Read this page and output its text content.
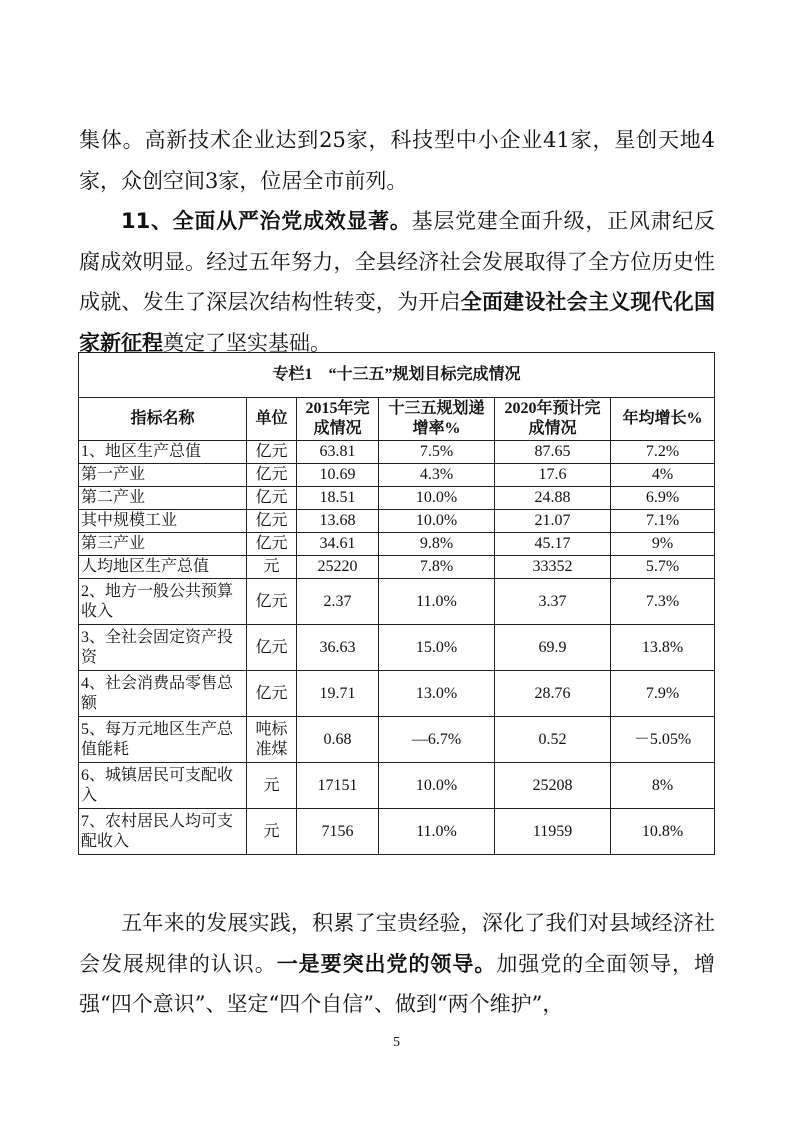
集体。高新技术企业达到25家，科技型中小企业41家，星创天地4家，众创空间3家，位居全市前列。

11、全面从严治党成效显著。基层党建全面升级，正风肃纪反腐成效明显。经过五年努力，全县经济社会发展取得了全方位历史性成就、发生了深层次结构性转变，为开启全面建设社会主义现代化国家新征程奠定了坚实基础。

专栏1　“十三五”规划目标完成情况					
指标名称	单位	2015年完成情况	十三五规划递增率%	2020年预计完成情况	年均增长%
1、地区生产总值	亿元	63.81	7.5%	87.65	7.2%
第一产业	亿元	10.69	4.3%	17.6	4%
第二产业	亿元	18.51	10.0%	24.88	6.9%
其中规模工业	亿元	13.68	10.0%	21.07	7.1%
第三产业	亿元	34.61	9.8%	45.17	9%
人均地区生产总值	元	25220	7.8%	33352	5.7%
2、地方一般公共预算收入	亿元	2.37	11.0%	3.37	7.3%
3、全社会固定资产投资	亿元	36.63	15.0%	69.9	13.8%
4、社会消费品零售总额	亿元	19.71	13.0%	28.76	7.9%
5、每万元地区生产总值能耗	吨标准煤	0.68	—6.7%	0.52	－5.05%
6、城镇居民可支配收入	元	17151	10.0%	25208	8%
7、农村居民人均可支配收入	元	7156	11.0%	11959	10.8%

五年来的发展实践，积累了宝贵经验，深化了我们对县域经济社会发展规律的认识。一是要突出党的领导。加强党的全面领导，增强“四个意识”、坚定“四个自信”、做到“两个维护”，

5
